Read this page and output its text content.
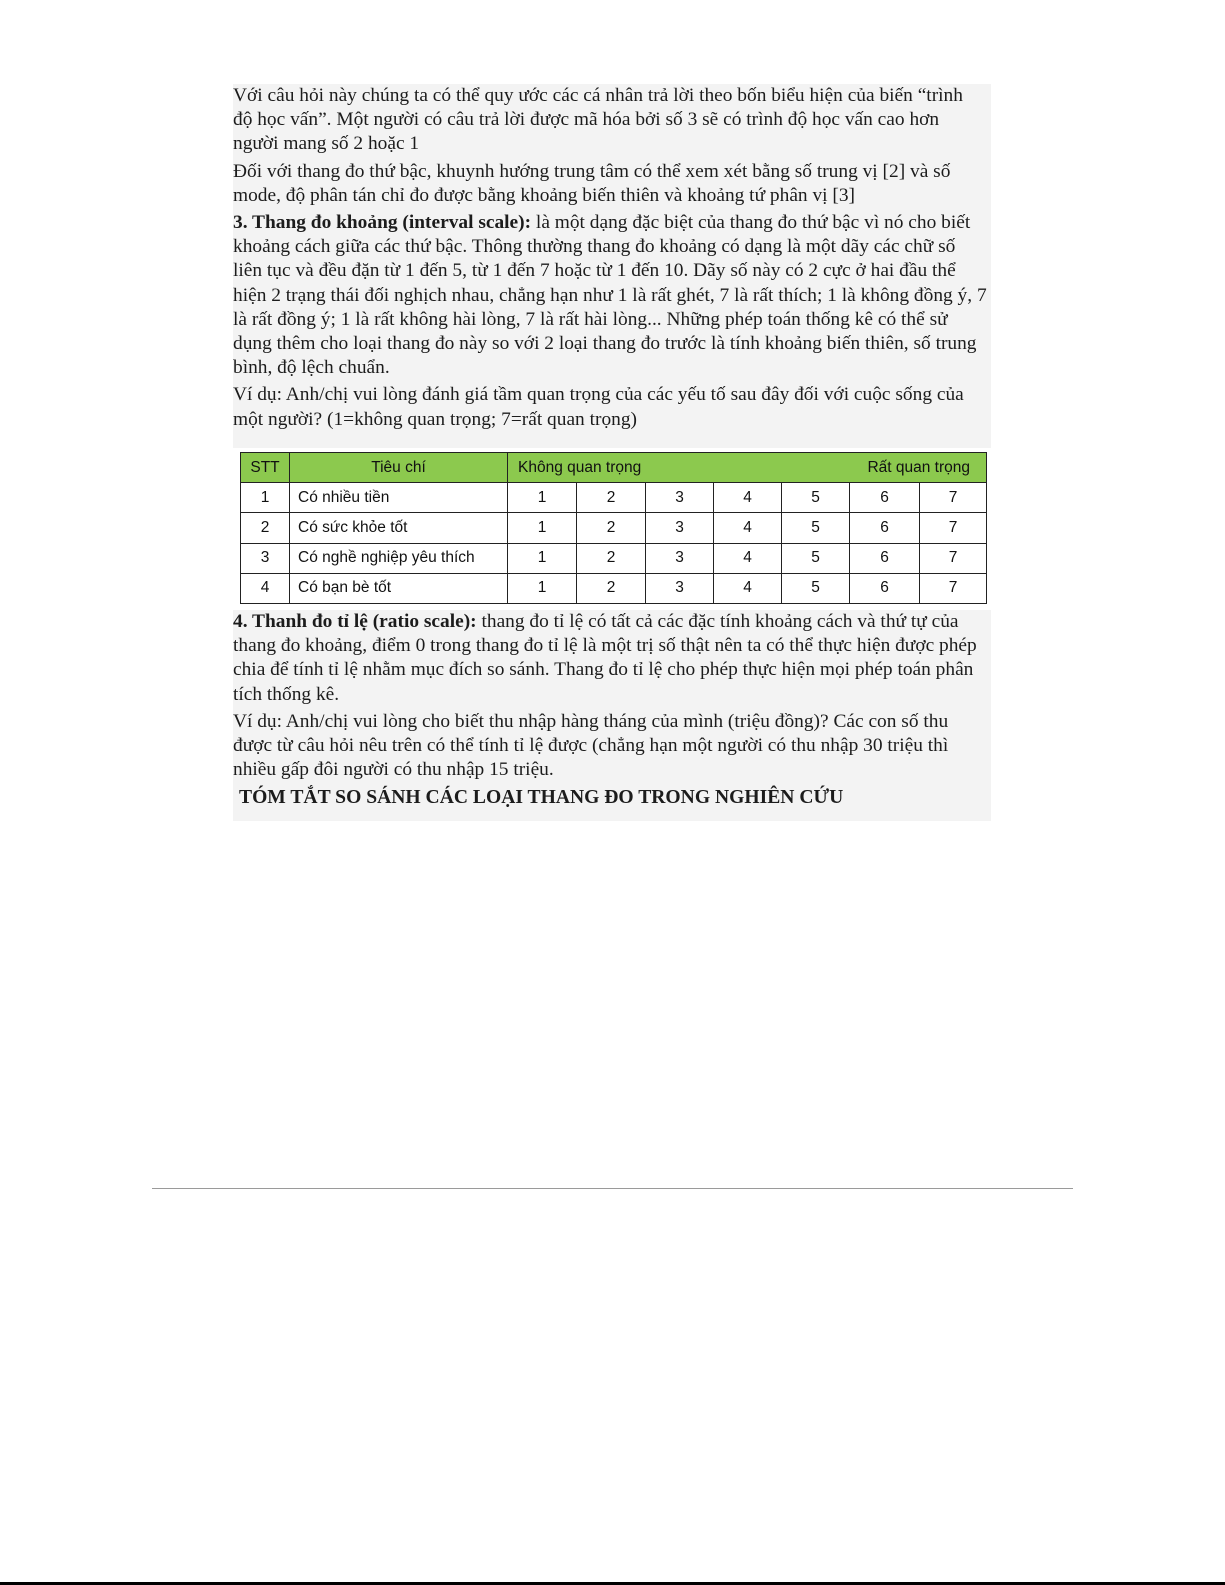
Với câu hỏi này chúng ta có thể quy ước các cá nhân trả lời theo bốn biểu hiện của biến “trình độ học vấn”. Một người có câu trả lời được mã hóa bởi số 3 sẽ có trình độ học vấn cao hơn người mang số 2 hoặc 1

Đối với thang đo thứ bậc, khuynh hướng trung tâm có thể xem xét bằng số trung vị [2] và số mode, độ phân tán chỉ đo được bằng khoảng biến thiên và khoảng tứ phân vị [3]

3. Thang đo khoảng (interval scale): là một dạng đặc biệt của thang đo thứ bậc vì nó cho biết khoảng cách giữa các thứ bậc. Thông thường thang đo khoảng có dạng là một dãy các chữ số liên tục và đều đặn từ 1 đến 5, từ 1 đến 7 hoặc từ 1 đến 10. Dãy số này có 2 cực ở hai đầu thể hiện 2 trạng thái đối nghịch nhau, chẳng hạn như 1 là rất ghét, 7 là rất thích; 1 là không đồng ý, 7 là rất đồng ý; 1 là rất không hài lòng, 7 là rất hài lòng... Những phép toán thống kê có thể sử dụng thêm cho loại thang đo này so với 2 loại thang đo trước là tính khoảng biến thiên, số trung bình, độ lệch chuẩn.

Ví dụ: Anh/chị vui lòng đánh giá tầm quan trọng của các yếu tố sau đây đối với cuộc sống của một người? (1=không quan trọng; 7=rất quan trọng)

STT	Tiêu chí	Không quan trọng Rất quan trọng						

1	Có nhiều tiền	1	2	3	4	5	6	7
2	Có sức khỏe tốt	1	2	3	4	5	6	7
3	Có nghề nghiệp yêu thích	1	2	3	4	5	6	7
4	Có bạn bè tốt	1	2	3	4	5	6	7

4. Thanh đo tỉ lệ (ratio scale): thang đo tỉ lệ có tất cả các đặc tính khoảng cách và thứ tự của thang đo khoảng, điểm 0 trong thang đo tỉ lệ là một trị số thật nên ta có thể thực hiện được phép chia để tính tỉ lệ nhằm mục đích so sánh. Thang đo tỉ lệ cho phép thực hiện mọi phép toán phân tích thống kê.

Ví dụ: Anh/chị vui lòng cho biết thu nhập hàng tháng của mình (triệu đồng)? Các con số thu được từ câu hỏi nêu trên có thể tính tỉ lệ được (chẳng hạn một người có thu nhập 30 triệu thì nhiều gấp đôi người có thu nhập 15 triệu.

TÓM TẮT SO SÁNH CÁC LOẠI THANG ĐO TRONG NGHIÊN CỨU
